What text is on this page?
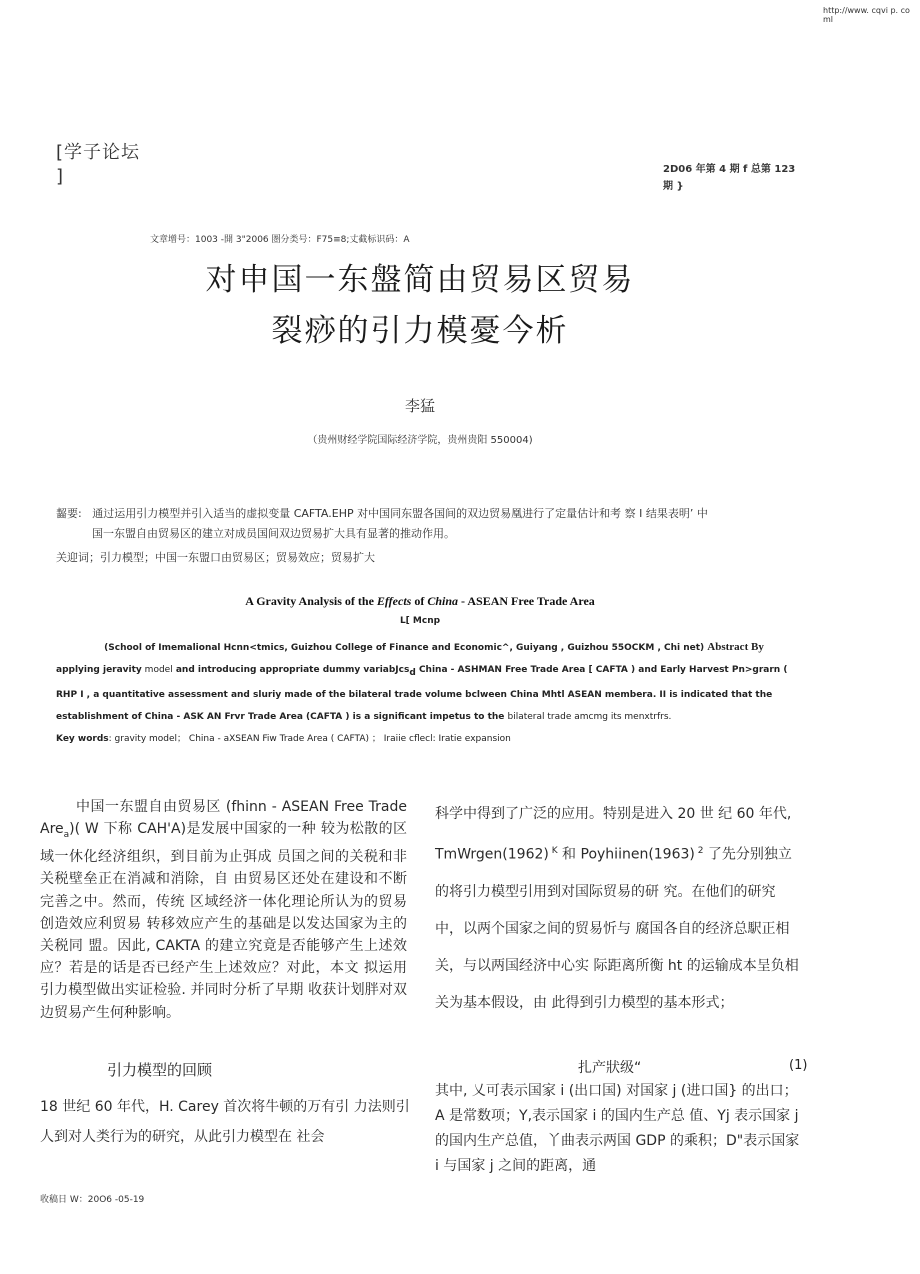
http://www. cqvi p. co ml
[学子论坛
]	2D06 年第 4 期 f 总第 123
期 }
文章增号：1003 -開 3"2006 圏分类号：F75≡8;丈截标识码：A
对申国一东盤简由贸易区贸易
裂痧的引力模憂今析
李猛
（贵州财经学院国际经济学院，贵州贵阳 550004)
齧要: 通过运用引力模型并引入适当的虚拟变量 CAFTA.EHP 对中国同东盟各国间的双边贸易凰进行了定量估计和考 察 I 结果表明’ 中
国一东盟自由贸易区的建立对成员国间双边贸易扩大具有显著的推动作用。
关迎词；引力模型；中国一东盟口由贸易区；贸易效应；贸易扩大
A Gravity Analysis of the Effects of China - ASEAN Free Trade Area
L[ Mcnp

(School of Imemalional Hcnn<tmics, Guizhou College of Finance and Economic^, Guiyang , Guizhou 55OCKM , Chi net) Abstract By

applying jeravity model and introducing appropriate dummy variabJcs$_d$ China - ASHMAN Free Trade Area [ CAFTA ) and Early Harvest Pn>grarn (

RHP I , a quantitative assessment and sluriy made of the bilateral trade volume bclween China Mhtl ASEAN membera. II is indicated that the

establishment of China - ASK AN Frvr Trade Area (CAFTA ) is a significant impetus to the bilateral trade amcmg its menxtrfrs.

Key words: gravity model； China - aXSEAN Fiw Trade Area ( CAFTA) ； Iraiie cflecl: Iratie expansion

中国一东盟自由贸易区 (fhinn - ASEAN Free Trade Are$_a$)( W 下称 CAH'A)是发展中国家的一种 较为松散的区域一休化经济组织，到目前为止弭成 员国之间的关税和非关税壁垒正在消减和消除，自 由贸易区还处在建设和不断完善之中。然而，传统 区域经济一体化理论所认为的贸易创造效应利贸易 转移效应产生的基础是以发达国家为主的关税同 盟。因此, CAKTA 的建立究竟是否能够产生上述效 应？若是的话是否已经产生上述效应？对此，本文 拟运用引力模型做出实证检验. 并同时分析了早期 收获计划胖对双边贸易产生何种影响。

引力模型的回顾
18 世纪 60 年代，H. Carey 首次将牛顿的万有引 力法则引人到对人类行为的研究，从此引力模型在 社会

科学中得到了广泛的应用。特别是进入 20 世 纪 60 年代, TmWrgen(1962) $^K$ 和 Poyhiinen(1963) $^2$ 了先分别独立的将引力模型引用到对国际贸易的研 究。在他们的研究中，以两个国家之间的贸易忻与 腐国各自的经济总駅正相关，与以两国经济中心实 际距离所衡 ht 的运输成本呈负相关为基本假设，由 此得到引力模型的基本形式；

扎产狀级“	(1)
其中, 乂可表示国家 i (出口国) 对国家 j (进口国} 的出口； A 是常数项；Y,表示国家 i 的国内生产总 值、Yj 表示国家 j 的国内生产总值，丫曲表示两国 GDP 的乘积；D"表示国家 i 与国家 j 之间的距离，通
收稿日 W：20O6 -05-19
